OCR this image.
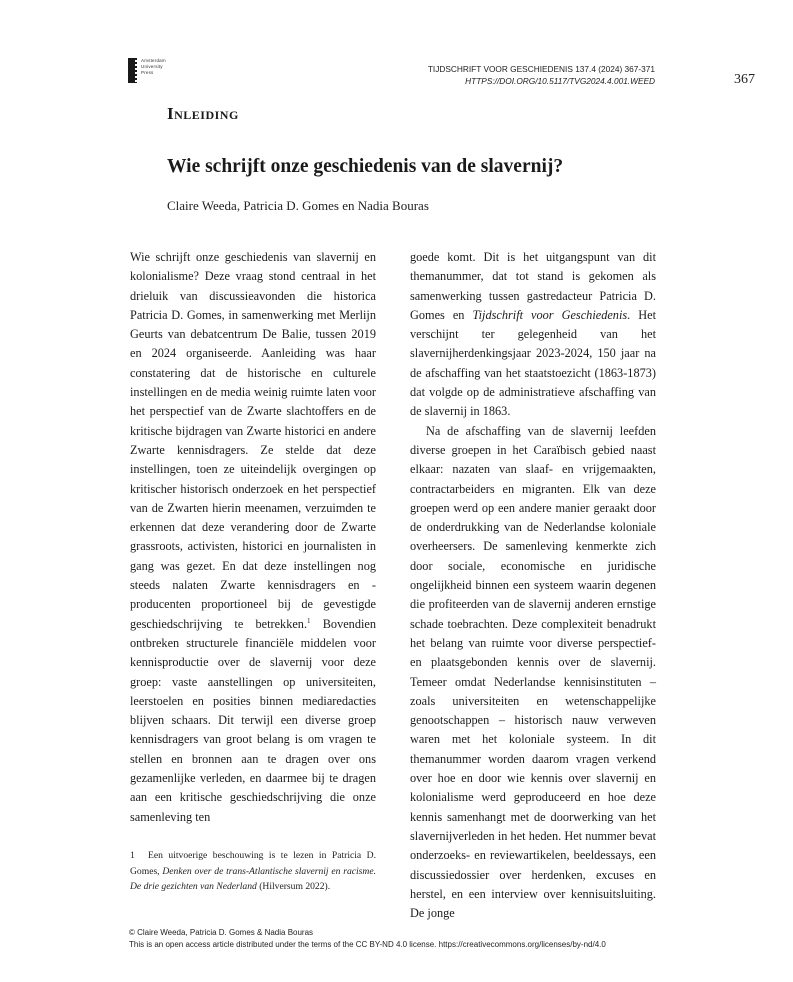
Amsterdam
University
Press	TIJDSCHRIFT VOOR GESCHIEDENIS 137.4 (2024) 367-371
HTTPS://DOI.ORG/10.5117/TVG2024.4.001.WEED	367
Inleiding
Wie schrijft onze geschiedenis van de slavernij?
Claire Weeda, Patricia D. Gomes en Nadia Bouras

Wie schrijft onze geschiedenis van slavernij en kolonialisme? Deze vraag stond centraal in het drieluik van discussieavonden die historica Patricia D. Gomes, in samenwerking met Merlijn Geurts van debatcentrum De Balie, tussen 2019 en 2024 organiseerde. Aanleiding was haar constatering dat de historische en culturele instellingen en de media weinig ruimte laten voor het perspectief van de Zwarte slachtoffers en de kritische bijdragen van Zwarte historici en andere Zwarte kennisdragers. Ze stelde dat deze instellingen, toen ze uiteindelijk overgingen op kritischer historisch onderzoek en het perspectief van de Zwarten hierin meenamen, verzuimden te erkennen dat deze verandering door de Zwarte grassroots, activisten, historici en journalisten in gang was gezet. En dat deze instellingen nog steeds nalaten Zwarte kennisdragers en -producenten proportioneel bij de gevestigde geschiedschrijving te betrekken.$^1$ Bovendien ontbreken structurele financiële middelen voor kennisproductie over de slavernij voor deze groep: vaste aanstellingen op universiteiten, leerstoelen en posities binnen mediaredacties blijven schaars. Dit terwijl een diverse groep kennisdragers van groot belang is om vragen te stellen en bronnen aan te dragen over ons gezamenlijke verleden, en daarmee bij te dragen aan een kritische geschiedschrijving die onze samenleving ten

goede komt. Dit is het uitgangspunt van dit themanummer, dat tot stand is gekomen als samenwerking tussen gastredacteur Patricia D. Gomes en Tijdschrift voor Geschiedenis. Het verschijnt ter gelegenheid van het slavernijherdenkingsjaar 2023-2024, 150 jaar na de afschaffing van het staatstoezicht (1863-1873) dat volgde op de administratieve afschaffing van de slavernij in 1863.

Na de afschaffing van de slavernij leefden diverse groepen in het Caraïbisch gebied naast elkaar: nazaten van slaaf- en vrijgemaakten, contractarbeiders en migranten. Elk van deze groepen werd op een andere manier geraakt door de onderdrukking van de Nederlandse koloniale overheersers. De samenleving kenmerkte zich door sociale, economische en juridische ongelijkheid binnen een systeem waarin degenen die profiteerden van de slavernij anderen ernstige schade toebrachten. Deze complexiteit benadrukt het belang van ruimte voor diverse perspectief- en plaatsgebonden kennis over de slavernij. Temeer omdat Nederlandse kennisinstituten – zoals universiteiten en wetenschappelijke genootschappen – historisch nauw verweven waren met het koloniale systeem. In dit themanummer worden daarom vragen verkend over hoe en door wie kennis over slavernij en kolonialisme werd geproduceerd en hoe deze kennis samenhangt met de doorwerking van het slavernijverleden in het heden. Het nummer bevat onderzoeks- en reviewartikelen, beeldessays, een discussiedossier over herdenken, excuses en herstel, en een interview over kennisuitsluiting. De jonge

1 Een uitvoerige beschouwing is te lezen in Patricia D. Gomes, Denken over de trans-Atlantische slavernij en racisme. De drie gezichten van Nederland (Hilversum 2022).
© Claire Weeda, Patricia D. Gomes & Nadia Bouras
This is an open access article distributed under the terms of the CC BY-ND 4.0 license. https://creativecommons.org/licenses/by-nd/4.0
